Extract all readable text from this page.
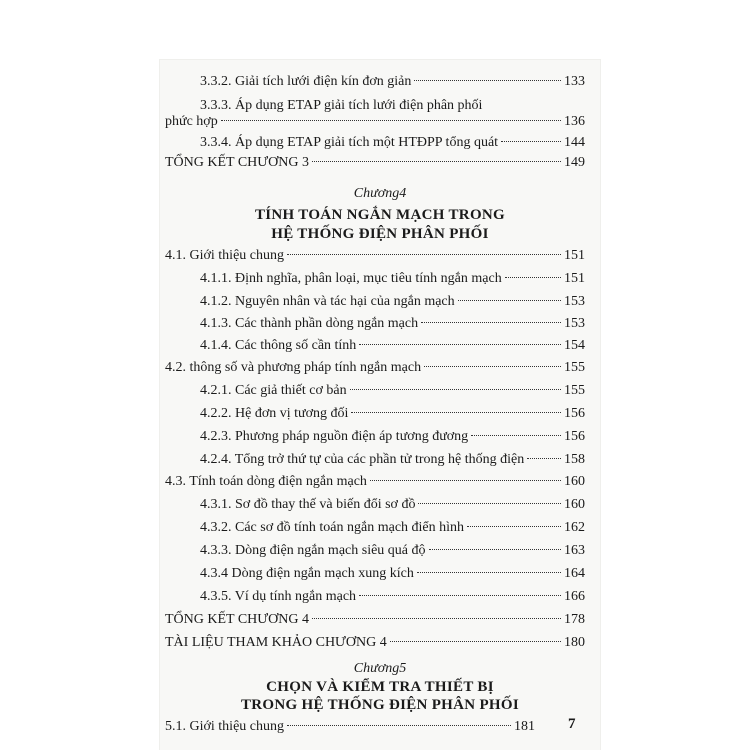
3.3.2. Giải tích lưới điện kín đơn giản	133
3.3.3. Áp dụng ETAP giải tích lưới điện phân phối
phức hợp	136
3.3.4. Áp dụng ETAP giải tích một HTĐPP tổng quát	144
TỔNG KẾT CHƯƠNG 3	149
Chương4
TÍNH TOÁN NGẮN MẠCH TRONG
HỆ THỐNG ĐIỆN PHÂN PHỐI
4.1. Giới thiệu chung	151
4.1.1. Định nghĩa, phân loại, mục tiêu tính ngắn mạch	151
4.1.2. Nguyên nhân và tác hại của ngắn mạch	153
4.1.3. Các thành phần dòng ngắn mạch	153
4.1.4. Các thông số cần tính	154
4.2. thông số và phương pháp tính ngắn mạch	155
4.2.1. Các giả thiết cơ bản	155
4.2.2. Hệ đơn vị tương đối	156
4.2.3. Phương pháp nguồn điện áp tương đương	156
4.2.4. Tổng trở thứ tự của các phần tử trong hệ thống điện	158
4.3. Tính toán dòng điện ngắn mạch	160
4.3.1. Sơ đồ thay thế và biến đổi sơ đồ	160
4.3.2. Các sơ đồ tính toán ngắn mạch điển hình	162
4.3.3. Dòng điện ngắn mạch siêu quá độ	163
4.3.4 Dòng điện ngắn mạch xung kích	164
4.3.5. Ví dụ tính ngắn mạch	166
TỔNG KẾT CHƯƠNG 4	178
TÀI LIỆU THAM KHẢO CHƯƠNG 4	180
Chương5
CHỌN VÀ KIỂM TRA THIẾT BỊ
TRONG HỆ THỐNG ĐIỆN PHÂN PHỐI
5.1. Giới thiệu chung	181 7
